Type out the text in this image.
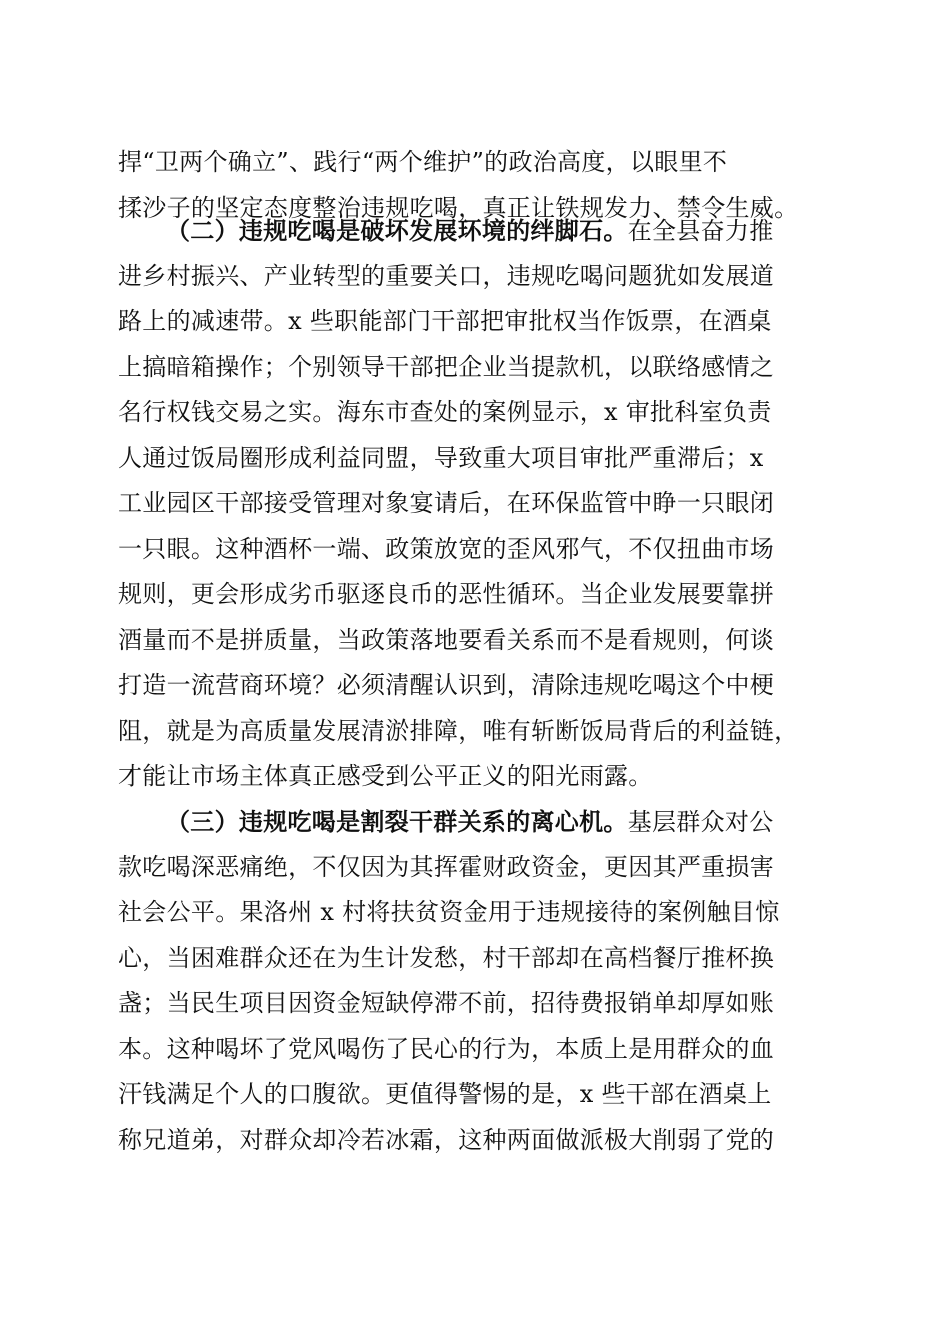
捍“卫两个确立”、践行“两个维护”的政治高度，以眼里不
揉沙子的坚定态度整治违规吃喝，真正让铁规发力、禁令生威。
（二）违规吃喝是破坏发展环境的绊脚石。在全县奋力推
进乡村振兴、产业转型的重要关口，违规吃喝问题犹如发展道
路上的减速带。x 些职能部门干部把审批权当作饭票，在酒桌
上搞暗箱操作；个别领导干部把企业当提款机，以联络感情之
名行权钱交易之实。海东市查处的案例显示，x 审批科室负责
人通过饭局圈形成利益同盟，导致重大项目审批严重滞后；x
工业园区干部接受管理对象宴请后，在环保监管中睁一只眼闭
一只眼。这种酒杯一端、政策放宽的歪风邪气，不仅扭曲市场
规则，更会形成劣币驱逐良币的恶性循环。当企业发展要靠拼
酒量而不是拼质量，当政策落地要看关系而不是看规则，何谈
打造一流营商环境？必须清醒认识到，清除违规吃喝这个中梗
阻，就是为高质量发展清淤排障，唯有斩断饭局背后的利益链，
才能让市场主体真正感受到公平正义的阳光雨露。
（三）违规吃喝是割裂干群关系的离心机。基层群众对公
款吃喝深恶痛绝，不仅因为其挥霍财政资金，更因其严重损害
社会公平。果洛州 x 村将扶贫资金用于违规接待的案例触目惊
心，当困难群众还在为生计发愁，村干部却在高档餐厅推杯换
盏；当民生项目因资金短缺停滞不前，招待费报销单却厚如账
本。这种喝坏了党风喝伤了民心的行为，本质上是用群众的血
汗钱满足个人的口腹欲。更值得警惕的是，x 些干部在酒桌上
称兄道弟，对群众却冷若冰霜，这种两面做派极大削弱了党的
